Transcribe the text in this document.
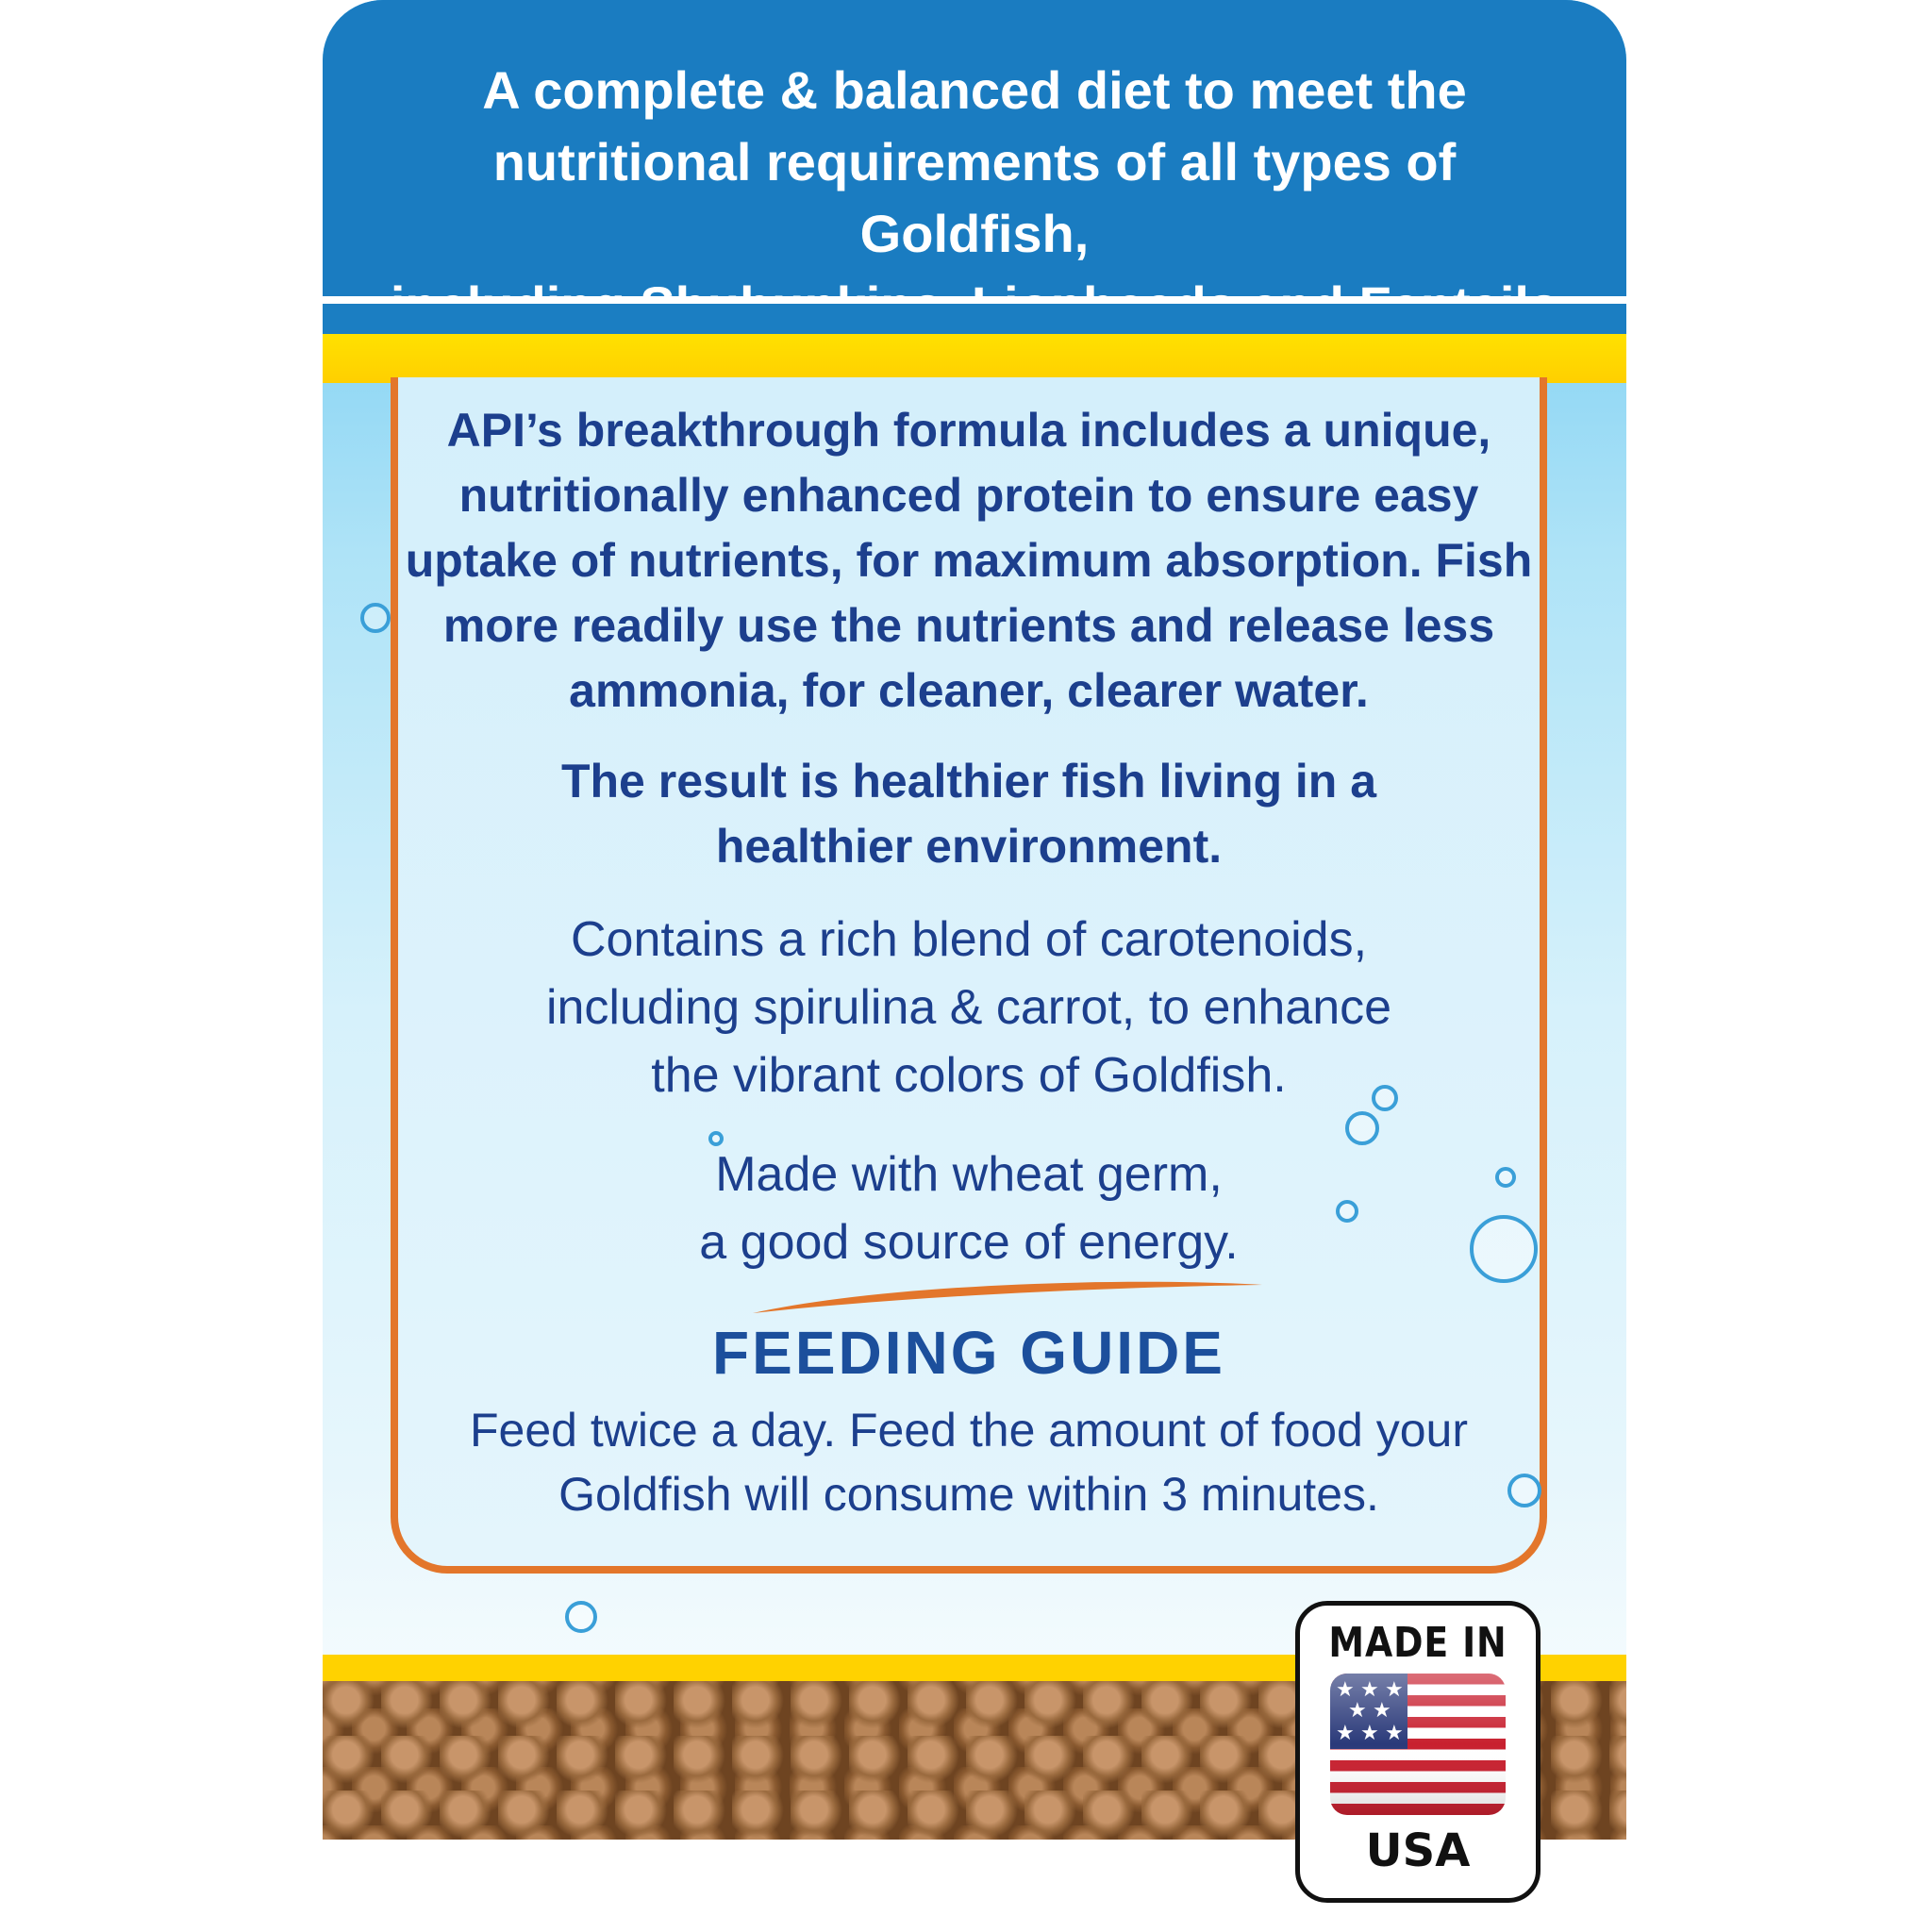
A complete & balanced diet to meet the
nutritional requirements of all types of Goldfish,

API’s breakthrough formula includes a unique,
nutritionally enhanced protein to ensure easy
uptake of nutrients, for maximum absorption. Fish
more readily use the nutrients and release less
ammonia, for cleaner, clearer water.

The result is healthier fish living in a
healthier environment.

Contains a rich blend of carotenoids,
including spirulina & carrot, to enhance
the vibrant colors of Goldfish.

Made with wheat germ,
a good source of energy.

FEEDING GUIDE

Feed twice a day. Feed the amount of food your
Goldfish will consume within 3 minutes.

MADE IN
★ ★ ★
★ ★
★ ★ ★
USA
